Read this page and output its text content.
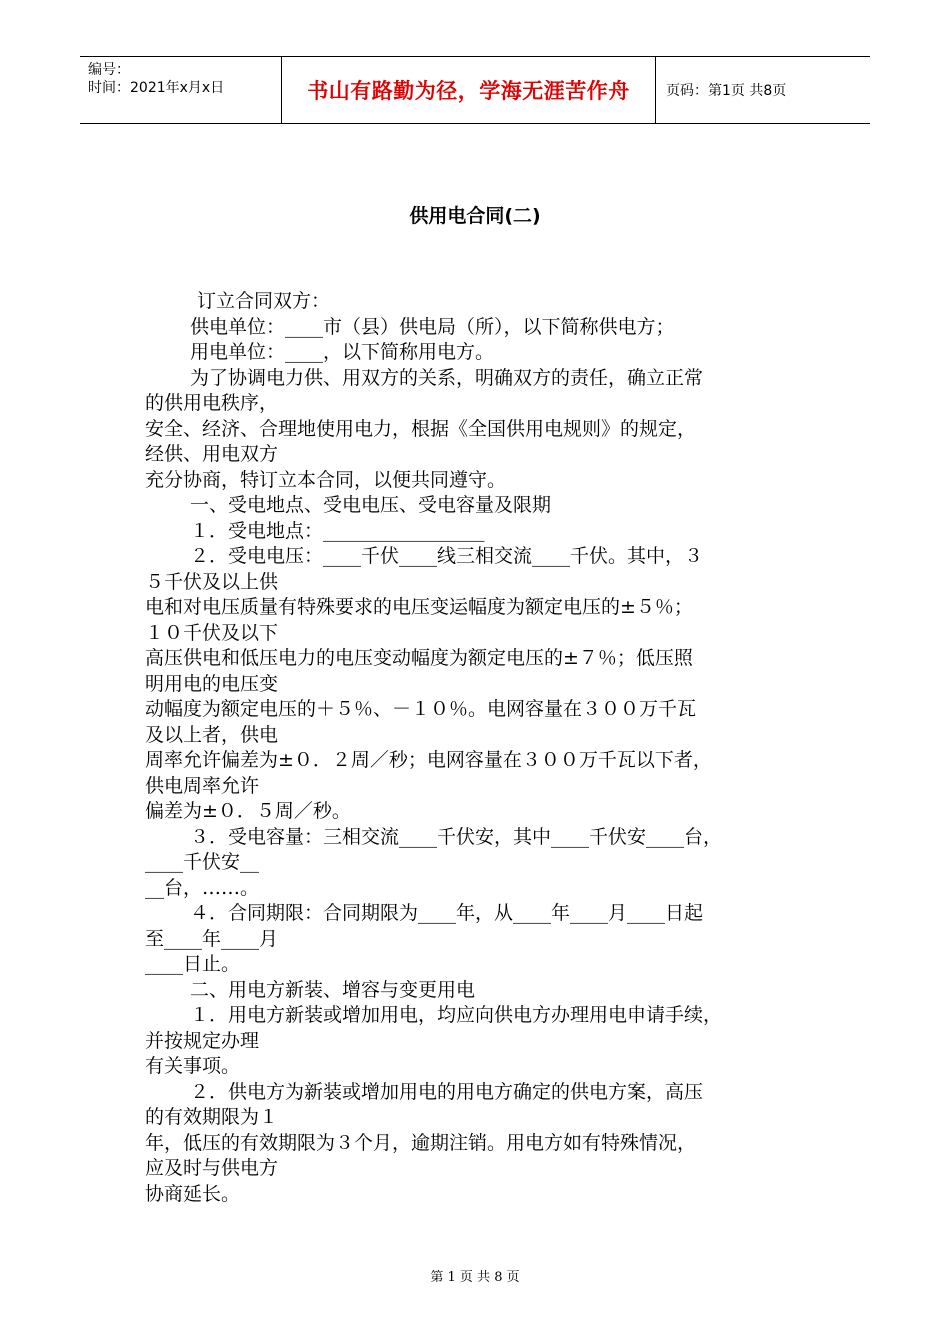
编号：
时间：2021年x月x日	书山有路勤为径，学海无涯苦作舟	页码：第1页 共8页
供用电合同(二)
订立合同双方：
供电单位：____市（县）供电局（所），以下简称供电方；
用电单位：____，以下简称用电方。
为了协调电力供、用双方的关系，明确双方的责任，确立正常
的供用电秩序，
安全、经济、合理地使用电力，根据《全国供用电规则》的规定，
经供、用电双方
充分协商，特订立本合同，以便共同遵守。
一、受电地点、受电电压、受电容量及限期
１．受电地点：_________________
２．受电电压：____千伏____线三相交流____千伏。其中，３
５千伏及以上供
电和对电压质量有特殊要求的电压变运幅度为额定电压的±５％；
１０千伏及以下
高压供电和低压电力的电压变动幅度为额定电压的±７％；低压照
明用电的电压变
动幅度为额定电压的＋５％、－１０％。电网容量在３００万千瓦
及以上者，供电
周率允许偏差为±０．２周／秒；电网容量在３００万千瓦以下者，
供电周率允许
偏差为±０．５周／秒。
３．受电容量：三相交流____千伏安，其中____千伏安____台，
____千伏安__
__台，……。
４．合同期限：合同期限为____年，从____年____月____日起
至____年____月
____日止。
二、用电方新装、增容与变更用电
１．用电方新装或增加用电，均应向供电方办理用电申请手续，
并按规定办理
有关事项。
２．供电方为新装或增加用电的用电方确定的供电方案，高压
的有效期限为１
年，低压的有效期限为３个月，逾期注销。用电方如有特殊情况，
应及时与供电方
协商延长。
第 1 页 共 8 页
